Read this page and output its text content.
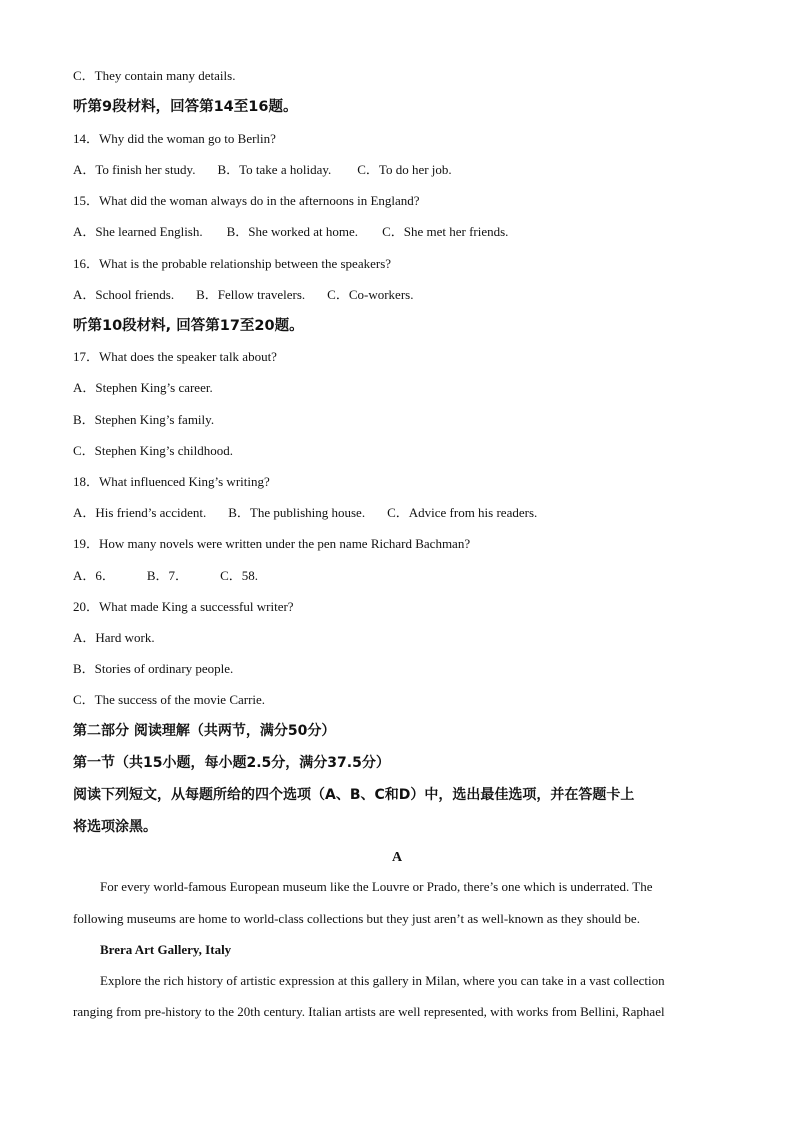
C．They contain many details.
听第9段材料，回答第14至16题。
14．Why did the woman go to Berlin?
A．To finish her study. B．To take a holiday. C．To do her job.
15．What did the woman always do in the afternoons in England?
A．She learned English. B．She worked at home. C．She met her friends.
16．What is the probable relationship between the speakers?
A．School friends. B．Fellow travelers. C．Co-workers.
听第10段材料, 回答第17至20题。
17．What does the speaker talk about?
A．Stephen King’s career.
B．Stephen King’s family.
C．Stephen King’s childhood.
18．What influenced King’s writing?
A．His friend’s accident. B．The publishing house. C．Advice from his readers.
19．How many novels were written under the pen name Richard Bachman?
A．6． B．7． C．58.
20．What made King a successful writer?
A．Hard work.
B．Stories of ordinary people.
C．The success of the movie Carrie.
第二部分 阅读理解（共两节，满分50分）
第一节（共15小题，每小题2.5分，满分37.5分）
阅读下列短文，从每题所给的四个选项（A、B、C和D）中，选出最佳选项，并在答题卡上
将选项涂黑。
A
For every world-famous European museum like the Louvre or Prado, there’s one which is underrated. The
following museums are home to world-class collections but they just aren’t as well-known as they should be.
Brera Art Gallery, Italy
Explore the rich history of artistic expression at this gallery in Milan, where you can take in a vast collection
ranging from pre-history to the 20th century. Italian artists are well represented, with works from Bellini, Raphael
